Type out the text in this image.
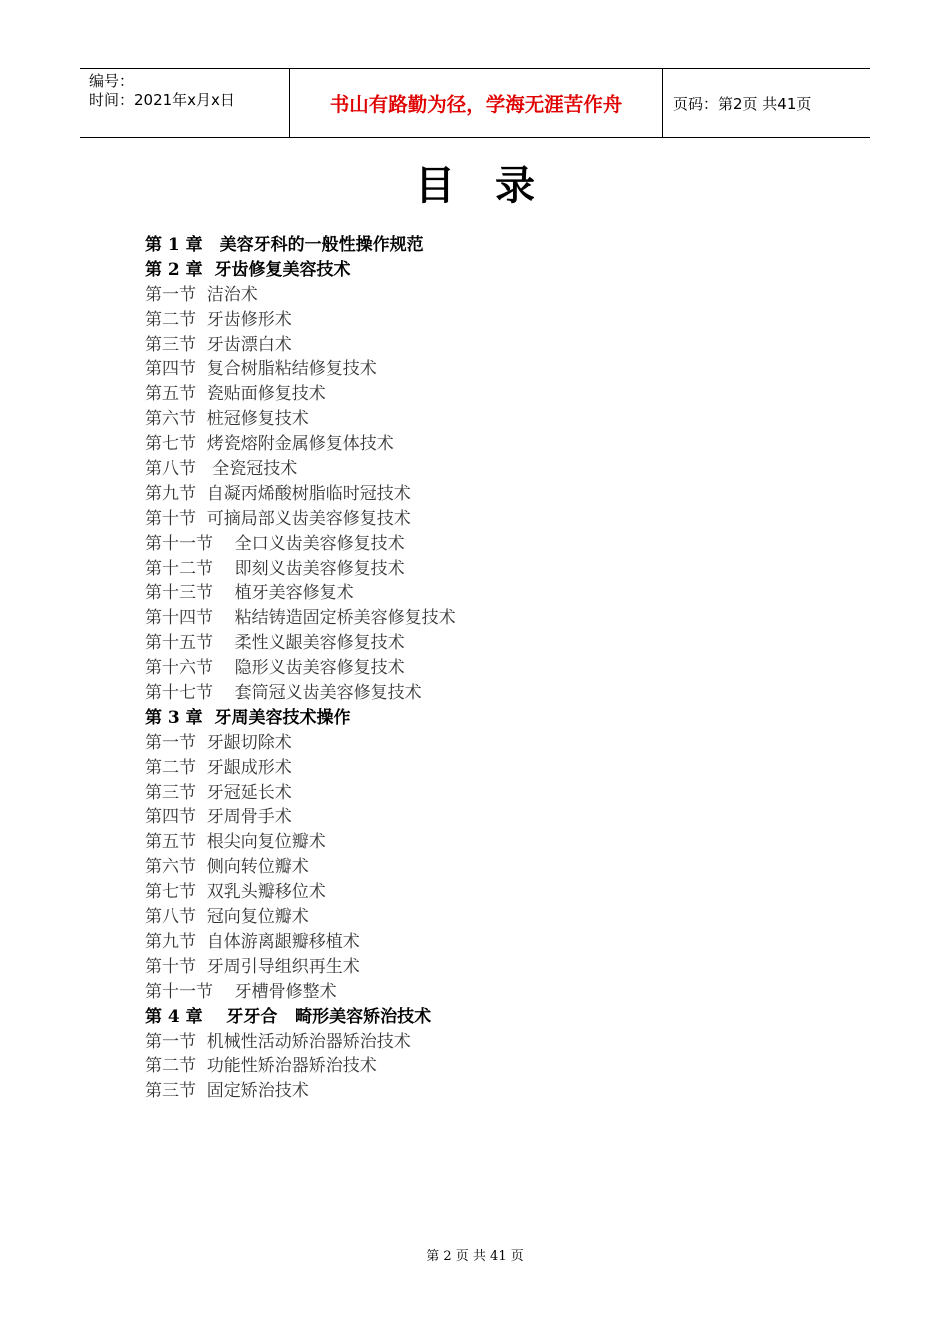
编号：
时间：2021年x月x日	书山有路勤为径，学海无涯苦作舟	页码：第2页 共41页
目录
第 1 章　美容牙科的一般性操作规范
第 2 章  牙齿修复美容技术
第一节  洁治术
第二节  牙齿修形术
第三节  牙齿漂白术
第四节  复合树脂粘结修复技术
第五节  瓷贴面修复技术
第六节  桩冠修复技术
第七节  烤瓷熔附金属修复体技术
第八节   全瓷冠技术
第九节  自凝丙烯酸树脂临时冠技术
第十节  可摘局部义齿美容修复技术
第十一节    全口义齿美容修复技术
第十二节    即刻义齿美容修复技术
第十三节    植牙美容修复术
第十四节    粘结铸造固定桥美容修复技术
第十五节    柔性义龈美容修复技术
第十六节    隐形义齿美容修复技术
第十七节    套筒冠义齿美容修复技术
第 3 章  牙周美容技术操作
第一节  牙龈切除术
第二节  牙龈成形术
第三节  牙冠延长术
第四节  牙周骨手术
第五节  根尖向复位瓣术
第六节  侧向转位瓣术
第七节  双乳头瓣移位术
第八节  冠向复位瓣术
第九节  自体游离龈瓣移植术
第十节  牙周引导组织再生术
第十一节    牙槽骨修整术
第 4 章    牙牙合   畸形美容矫治技术
第一节  机械性活动矫治器矫治技术
第二节  功能性矫治器矫治技术
第三节  固定矫治技术
第 2 页 共 41 页
